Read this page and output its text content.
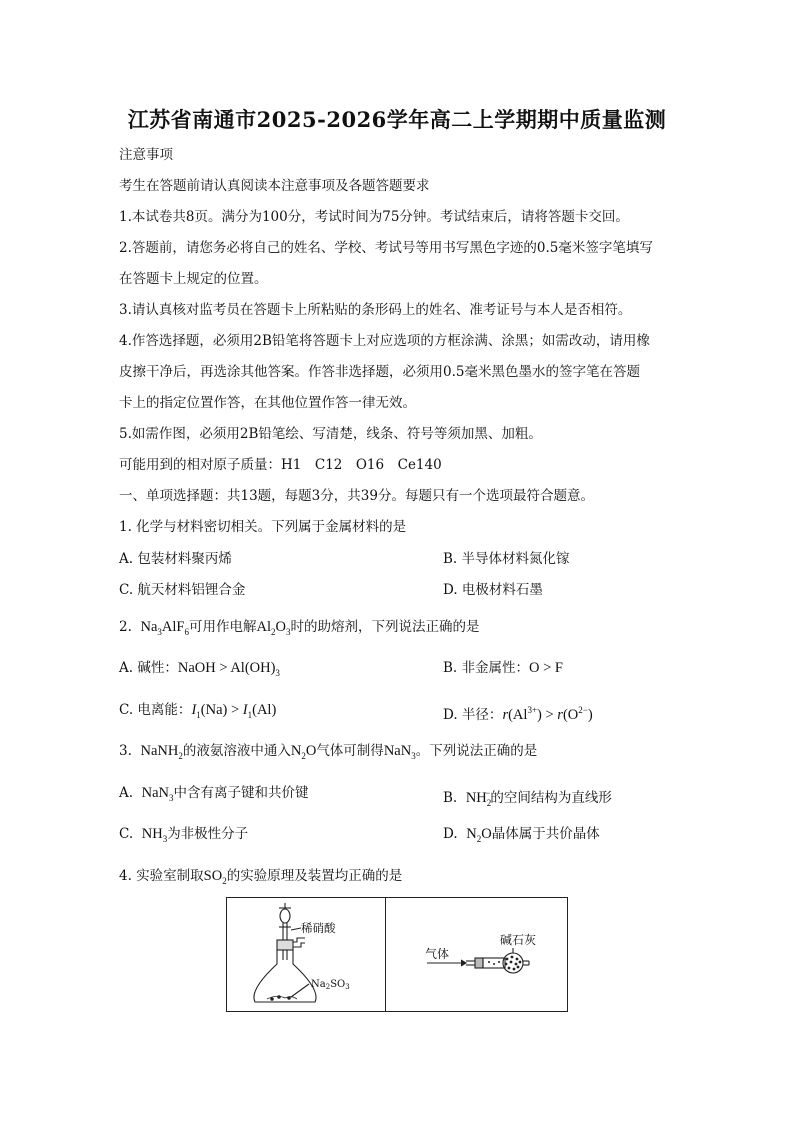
江苏省南通市2025-2026学年高二上学期期中质量监测
注意事项
考生在答题前请认真阅读本注意事项及各题答题要求
1.本试卷共8页。满分为100分，考试时间为75分钟。考试结束后，请将答题卡交回。
2.答题前，请您务必将自己的姓名、学校、考试号等用书写黑色字迹的0.5毫米签字笔填写
在答题卡上规定的位置。
3.请认真核对监考员在答题卡上所粘贴的条形码上的姓名、准考证号与本人是否相符。
4.作答选择题，必须用2B铅笔将答题卡上对应选项的方框涂满、涂黑；如需改动，请用橡
皮擦干净后，再选涂其他答案。作答非选择题，必须用0.5毫米黑色墨水的签字笔在答题
卡上的指定位置作答，在其他位置作答一律无效。
5.如需作图，必须用2B铅笔绘、写清楚，线条、符号等须加黑、加粗。
可能用到的相对原子质量：H1　C12　O16　Ce140
一、单项选择题：共13题，每题3分，共39分。每题只有一个选项最符合题意。
1. 化学与材料密切相关。下列属于金属材料的是
A. 包装材料聚丙烯	B. 半导体材料氮化镓
C. 航天材料铝锂合金	D. 电极材料石墨
2. $Na_3AlF_6$可用作电解$Al_2O_3$时的助熔剂，下列说法正确的是
A. 碱性：NaOH > $Al(OH)_3$	B. 非金属性：O > F
C. 电离能：$I_1(Na) > I_1(Al)$	D. 半径：$r(Al^{3+}) > r(O^{2-})$
3. NaNH$_2$的液氨溶液中通入$N_2O$气体可制得NaN$_3$。下列说法正确的是
A. NaN$_3$中含有离子键和共价键	B. $NH_2^-$的空间结构为直线形
C. $NH_3$为非极性分子	D. $N_2O$晶体属于共价晶体
4. 实验室制取$SO_2$的实验原理及装置均正确的是
稀硝酸
$Na_2SO_3$
气体
碱石灰
